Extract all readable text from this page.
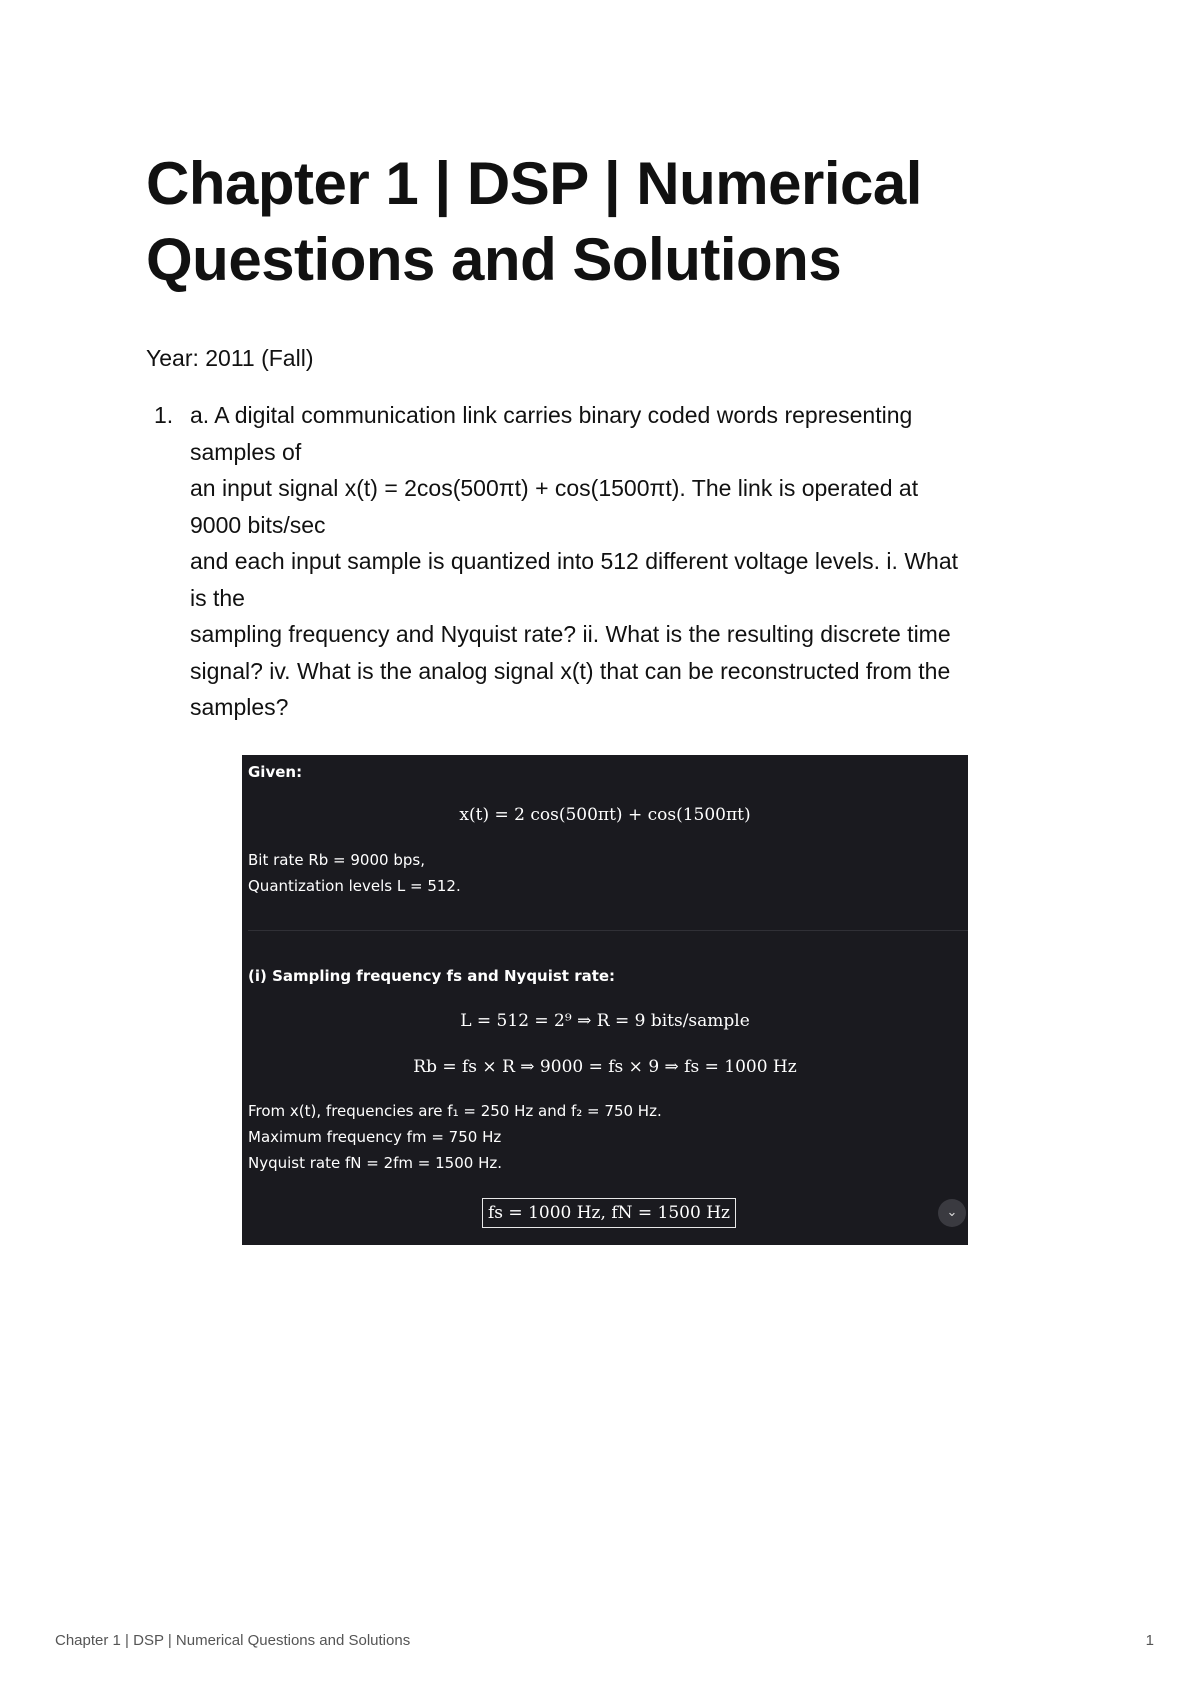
Chapter 1 | DSP | Numerical Questions and Solutions
Year: 2011 (Fall)
1. a. A digital communication link carries binary coded words representing
samples of
an input signal x(t) = 2cos(500πt) + cos(1500πt). The link is operated at
9000 bits/sec
and each input sample is quantized into 512 different voltage levels. i. What
is the
sampling frequency and Nyquist rate? ii. What is the resulting discrete time
signal? iv. What is the analog signal x(t) that can be reconstructed from the
samples?
Given:
x(t) = 2 cos(500πt) + cos(1500πt)
Bit rate Rb = 9000 bps,
Quantization levels L = 512.
(i) Sampling frequency fs and Nyquist rate:
L = 512 = 2⁹ ⇒ R = 9 bits/sample
Rb = fs × R ⇒ 9000 = fs × 9 ⇒ fs = 1000 Hz
From x(t), frequencies are f₁ = 250 Hz and f₂ = 750 Hz.
Maximum frequency fm = 750 Hz
Nyquist rate fN = 2fm = 1500 Hz.
fs = 1000 Hz, fN = 1500 Hz	⌄
Chapter 1 | DSP | Numerical Questions and Solutions	1
